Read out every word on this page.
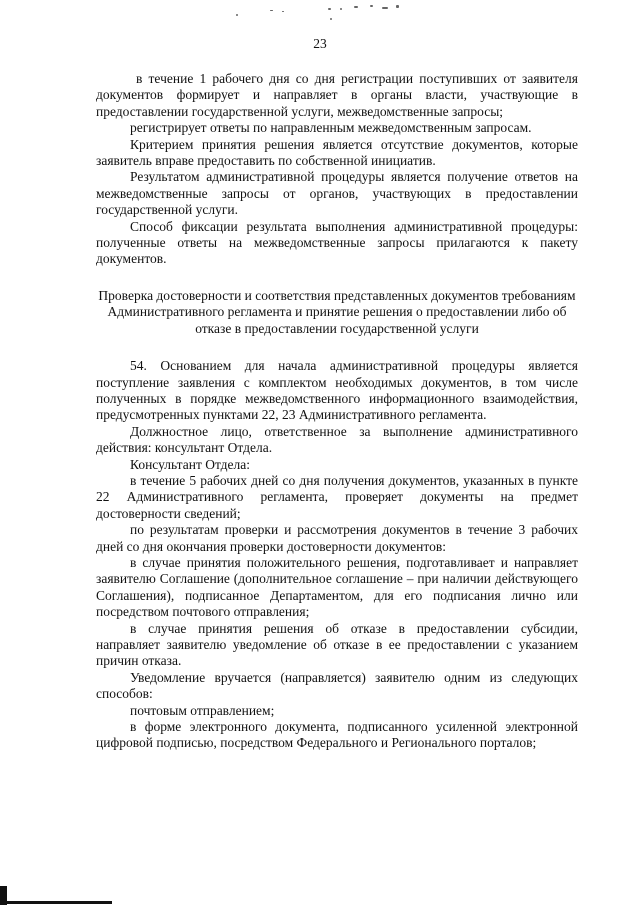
23

в течение 1 рабочего дня со дня регистрации поступивших от заявителя документов формирует и направляет в органы власти, участвующие в предоставлении государственной услуги, межведомственные запросы;

регистрирует ответы по направленным межведомственным запросам.

Критерием принятия решения является отсутствие документов, которые заявитель вправе предоставить по собственной инициатив.

Результатом административной процедуры является получение ответов на межведомственные запросы от органов, участвующих в предоставлении государственной услуги.

Способ фиксации результата выполнения административной процедуры: полученные ответы на межведомственные запросы прилагаются к пакету документов.

Проверка достоверности и соответствия представленных документов требованиям Административного регламента и принятие решения о предоставлении либо об отказе в предоставлении государственной услуги

54. Основанием для начала административной процедуры является поступление заявления с комплектом необходимых документов, в том числе полученных в порядке межведомственного информационного взаимодействия, предусмотренных пунктами 22, 23 Административного регламента.

Должностное лицо, ответственное за выполнение административного действия: консультант Отдела.

Консультант Отдела:

в течение 5 рабочих дней со дня получения документов, указанных в пункте 22 Административного регламента, проверяет документы на предмет достоверности сведений;

по результатам проверки и рассмотрения документов в течение 3 рабочих дней со дня окончания проверки достоверности документов:

в случае принятия положительного решения, подготавливает и направляет заявителю Соглашение (дополнительное соглашение – при наличии действующего Соглашения), подписанное Департаментом, для его подписания лично или посредством почтового отправления;

в случае принятия решения об отказе в предоставлении субсидии, направляет заявителю уведомление об отказе в ее предоставлении с указанием причин отказа.

Уведомление вручается (направляется) заявителю одним из следующих способов:

почтовым отправлением;

в форме электронного документа, подписанного усиленной электронной цифровой подписью, посредством Федерального и Регионального порталов;
